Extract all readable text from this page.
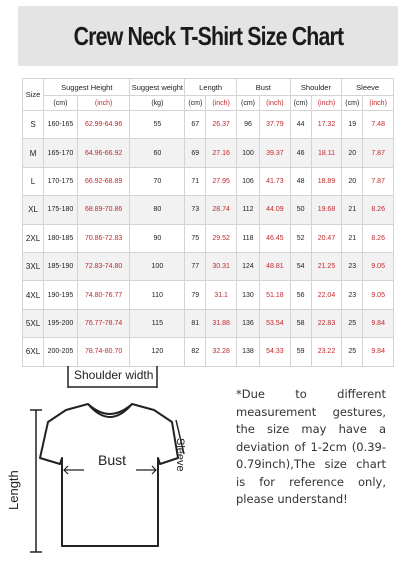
Crew Neck T-Shirt Size Chart
Size	Suggest Height		Suggest weight	Length		Bust		Shoulder		Sleeve	
	(cm)	(inch)	(kg)	(cm)	(inch)	(cm)	(inch)	(cm)	(inch)	(cm)	(inch)
S	160-165	62.99-64.96	55	67	26.37	96	37.79	44	17.32	19	7.48
M	165-170	64.96-66.92	60	69	27.16	100	39.37	46	18.11	20	7.87
L	170-175	66.92-68.89	70	71	27.95	106	41.73	48	18.89	20	7.87
XL	175-180	68.89-70.86	80	73	28.74	112	44.09	50	19.68	21	8.26
2XL	180-185	70.86-72.83	90	75	29.52	118	46.45	52	20.47	21	8.26
3XL	185-190	72.83-74.80	100	77	30.31	124	48.81	54	21.25	23	9.05
4XL	190-195	74.80-76.77	110	79	31.1	130	51.18	56	22.04	23	9.05
5XL	195-200	76.77-78.74	115	81	31.88	136	53.54	58	22.83	25	9.84
6XL	200-205	78.74-80.70	120	82	32.28	138	54.33	59	23.22	25	9.84
Shoulder width
Bust	Sleeve
Length
*Due to different measurement gestures, the size may have a deviation of 1-2cm (0.39-0.79inch),The size chart is for reference only, please understand!
